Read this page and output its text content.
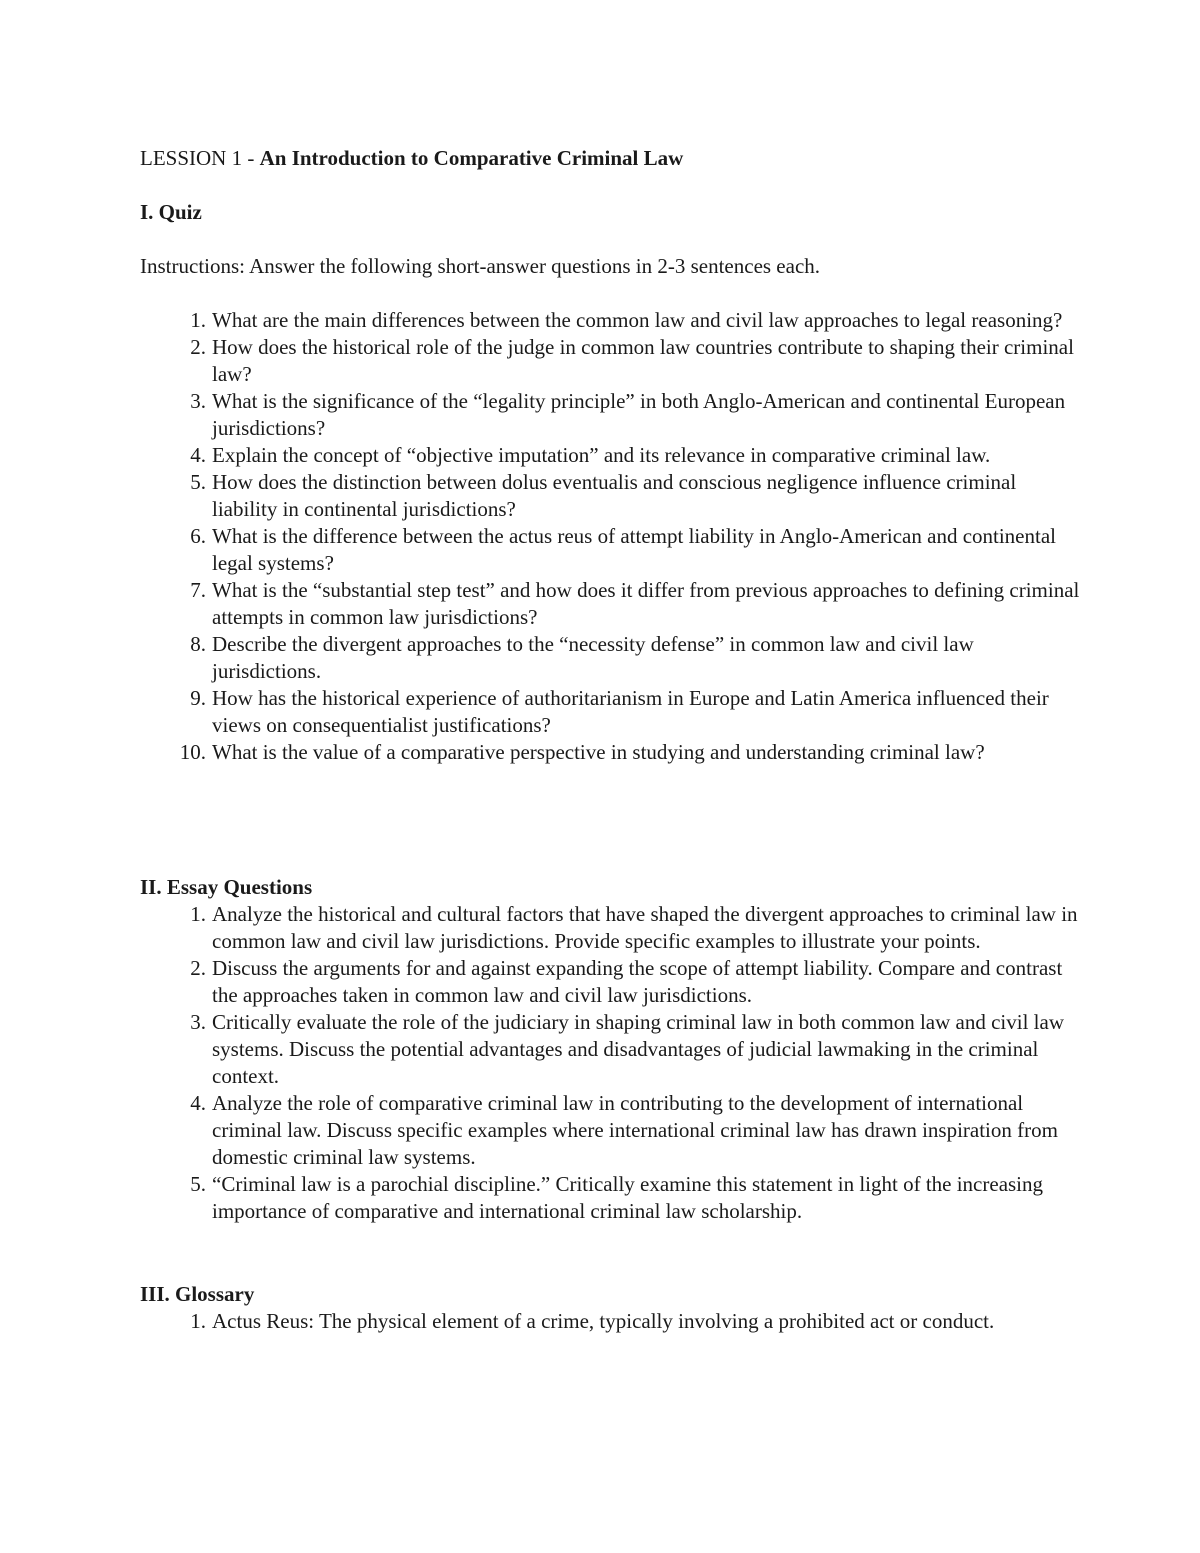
LESSION 1 - An Introduction to Comparative Criminal Law
I. Quiz
Instructions: Answer the following short-answer questions in 2-3 sentences each.
1. What are the main differences between the common law and civil law approaches to legal reasoning?
2. How does the historical role of the judge in common law countries contribute to shaping their criminal law?
3. What is the significance of the “legality principle” in both Anglo-American and continental European jurisdictions?
4. Explain the concept of “objective imputation” and its relevance in comparative criminal law.
5. How does the distinction between dolus eventualis and conscious negligence influence criminal liability in continental jurisdictions?
6. What is the difference between the actus reus of attempt liability in Anglo-American and continental legal systems?
7. What is the “substantial step test” and how does it differ from previous approaches to defining criminal attempts in common law jurisdictions?
8. Describe the divergent approaches to the “necessity defense” in common law and civil law jurisdictions.
9. How has the historical experience of authoritarianism in Europe and Latin America influenced their views on consequentialist justifications?
10. What is the value of a comparative perspective in studying and understanding criminal law?
II. Essay Questions
1. Analyze the historical and cultural factors that have shaped the divergent approaches to criminal law in common law and civil law jurisdictions. Provide specific examples to illustrate your points.
2. Discuss the arguments for and against expanding the scope of attempt liability. Compare and contrast the approaches taken in common law and civil law jurisdictions.
3. Critically evaluate the role of the judiciary in shaping criminal law in both common law and civil law systems. Discuss the potential advantages and disadvantages of judicial lawmaking in the criminal context.
4. Analyze the role of comparative criminal law in contributing to the development of international criminal law. Discuss specific examples where international criminal law has drawn inspiration from domestic criminal law systems.
5. “Criminal law is a parochial discipline.” Critically examine this statement in light of the increasing importance of comparative and international criminal law scholarship.
III. Glossary
1. Actus Reus: The physical element of a crime, typically involving a prohibited act or conduct.
